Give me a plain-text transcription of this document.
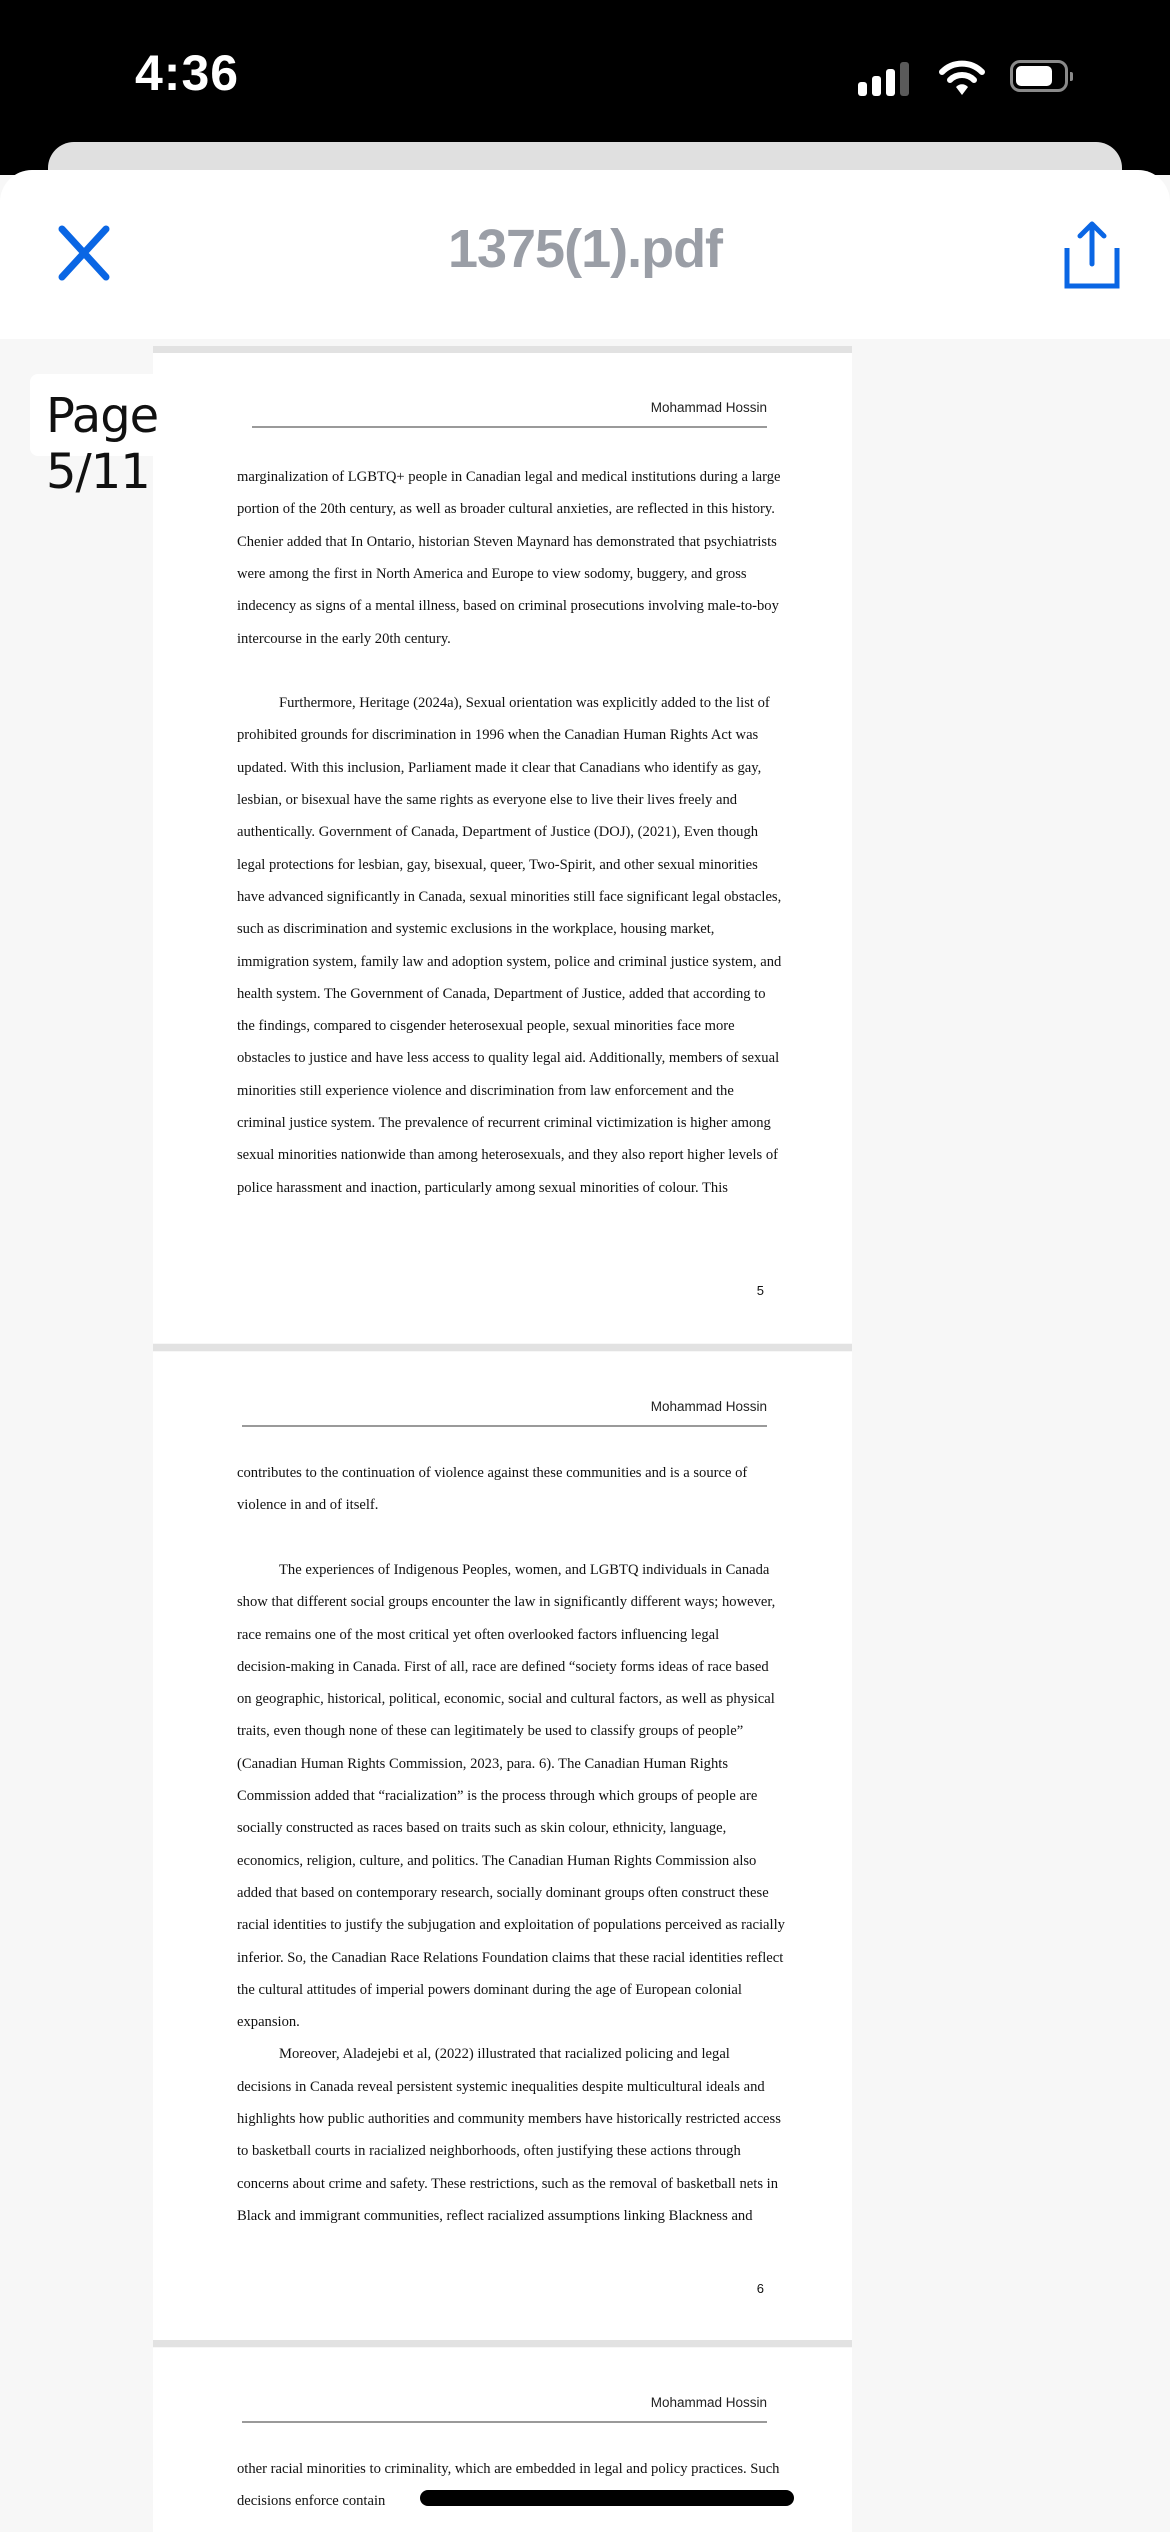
4:36
1375(1).pdf
Mohammad Hossin
marginalization of LGBTQ+ people in Canadian legal and medical institutions during a large
portion of the 20th century, as well as broader cultural anxieties, are reflected in this history.
Chenier added that In Ontario, historian Steven Maynard has demonstrated that psychiatrists
were among the first in North America and Europe to view sodomy, buggery, and gross
indecency as signs of a mental illness, based on criminal prosecutions involving male-to-boy
intercourse in the early 20th century.
Furthermore, Heritage (2024a), Sexual orientation was explicitly added to the list of
prohibited grounds for discrimination in 1996 when the Canadian Human Rights Act was
updated. With this inclusion, Parliament made it clear that Canadians who identify as gay,
lesbian, or bisexual have the same rights as everyone else to live their lives freely and
authentically. Government of Canada, Department of Justice (DOJ), (2021), Even though
legal protections for lesbian, gay, bisexual, queer, Two-Spirit, and other sexual minorities
have advanced significantly in Canada, sexual minorities still face significant legal obstacles,
such as discrimination and systemic exclusions in the workplace, housing market,
immigration system, family law and adoption system, police and criminal justice system, and
health system. The Government of Canada, Department of Justice, added that according to
the findings, compared to cisgender heterosexual people, sexual minorities face more
obstacles to justice and have less access to quality legal aid. Additionally, members of sexual
minorities still experience violence and discrimination from law enforcement and the
criminal justice system. The prevalence of recurrent criminal victimization is higher among
sexual minorities nationwide than among heterosexuals, and they also report higher levels of
police harassment and inaction, particularly among sexual minorities of colour. This
5
Mohammad Hossin
contributes to the continuation of violence against these communities and is a source of
violence in and of itself.
The experiences of Indigenous Peoples, women, and LGBTQ individuals in Canada
show that different social groups encounter the law in significantly different ways; however,
race remains one of the most critical yet often overlooked factors influencing legal
decision-making in Canada. First of all, race are defined “society forms ideas of race based
on geographic, historical, political, economic, social and cultural factors, as well as physical
traits, even though none of these can legitimately be used to classify groups of people”
(Canadian Human Rights Commission, 2023, para. 6). The Canadian Human Rights
Commission added that “racialization” is the process through which groups of people are
socially constructed as races based on traits such as skin colour, ethnicity, language,
economics, religion, culture, and politics. The Canadian Human Rights Commission also
added that based on contemporary research, socially dominant groups often construct these
racial identities to justify the subjugation and exploitation of populations perceived as racially
inferior. So, the Canadian Race Relations Foundation claims that these racial identities reflect
the cultural attitudes of imperial powers dominant during the age of European colonial
expansion.
Moreover, Aladejebi et al, (2022) illustrated that racialized policing and legal
decisions in Canada reveal persistent systemic inequalities despite multicultural ideals and
highlights how public authorities and community members have historically restricted access
to basketball courts in racialized neighborhoods, often justifying these actions through
concerns about crime and safety. These restrictions, such as the removal of basketball nets in
Black and immigrant communities, reflect racialized assumptions linking Blackness and
6
Mohammad Hossin
other racial minorities to criminality, which are embedded in legal and policy practices. Such
decisions enforce contain
Page 5/11
